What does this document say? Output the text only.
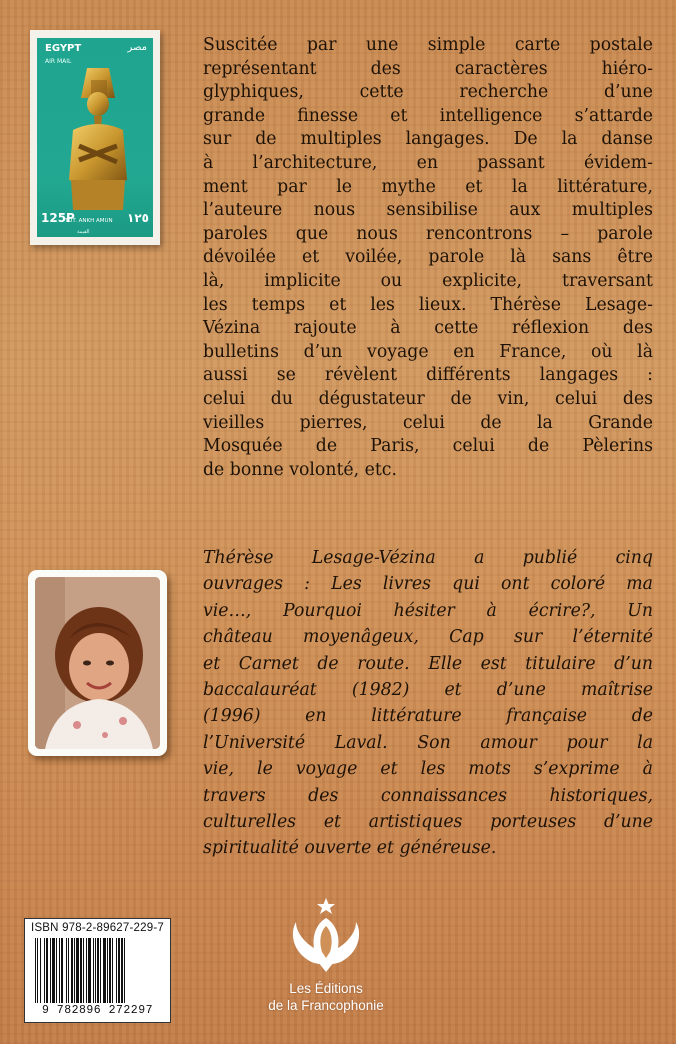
EGYPT	مصر
AIR MAIL
125P	١٢٥
TUT. ANKH AMUN
القيمة

Suscitée par une simple carte postale
représentant des caractères hiéro-
glyphiques, cette recherche d’une
grande finesse et intelligence s’attarde
sur de multiples langages. De la danse
à l’architecture, en passant évidem-
ment par le mythe et la littérature,
l’auteure nous sensibilise aux multiples
paroles que nous rencontrons – parole
dévoilée et voilée, parole là sans être
là, implicite ou explicite, traversant
les temps et les lieux. Thérèse Lesage-
Vézina rajoute à cette réflexion des
bulletins d’un voyage en France, où là
aussi se révèlent différents langages :
celui du dégustateur de vin, celui des
vieilles pierres, celui de la Grande
Mosquée de Paris, celui de Pèlerins
de bonne volonté, etc.

Thérèse Lesage-Vézina a publié cinq
ouvrages : Les livres qui ont coloré ma
vie…, Pourquoi hésiter à écrire?, Un
château moyenâgeux, Cap sur l’éternité
et Carnet de route. Elle est titulaire d’un
baccalauréat (1982) et d’une maîtrise
(1996) en littérature française de
l’Université Laval. Son amour pour la
vie, le voyage et les mots s’exprime à
travers des connaissances historiques,
culturelles et artistiques porteuses d’une
spiritualité ouverte et généreuse.

ISBN 978-2-89627-229-7
9 782896 272297
Les Éditions
de la Francophonie
